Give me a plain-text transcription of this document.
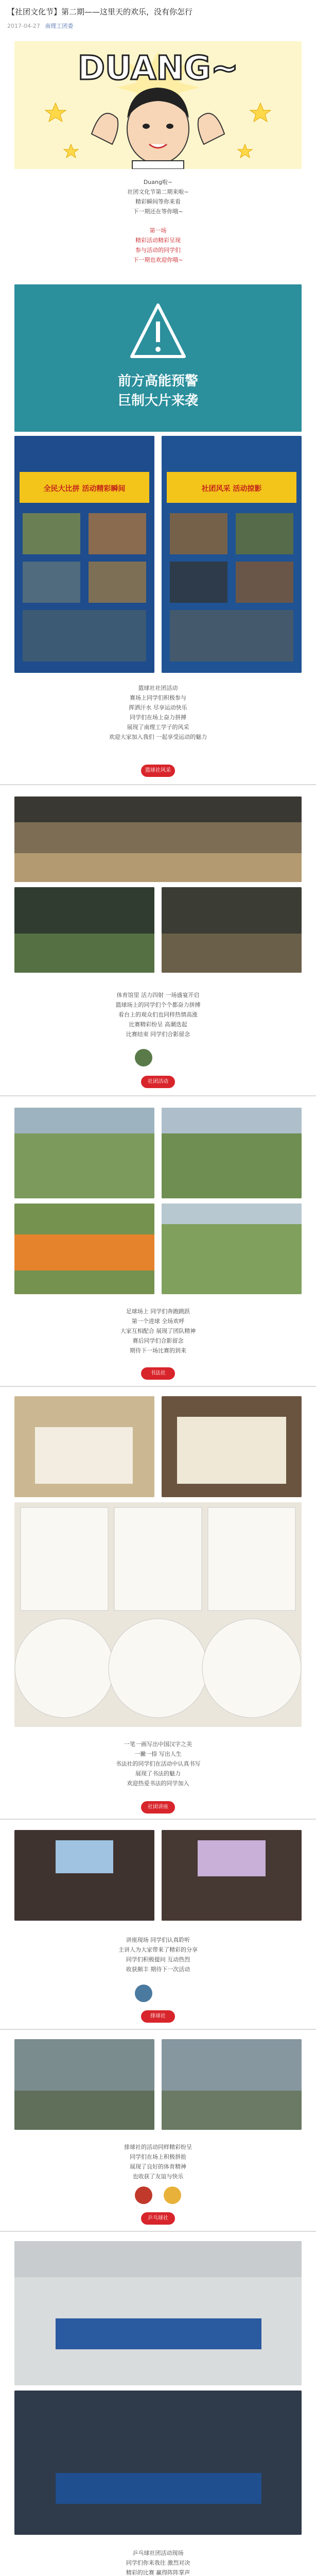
【社团文化节】第二期——这里天的欢乐，没有你怎行
2017-04-27 南理工团委
DUANG~
Duang啦~
社团文化节第二期来啦~
精彩瞬间等你来看
下一期还在等你哦~
第一场
精彩活动精彩呈现
参与活动的同学们
下一期也欢迎你哦~
前方高能预警
巨制大片来袭
全民大比拼 活动精彩瞬间	社团风采 活动掠影
篮球社社团活动
赛场上同学们积极参与
挥洒汗水 尽享运动快乐
同学们在场上奋力拼搏
展现了南理工学子的风采
欢迎大家加入我们 一起享受运动的魅力
篮球社风采
体育馆里 活力四射 一场盛宴开启
篮球场上的同学们个个都奋力拼搏
看台上的观众们也同样热情高涨
比赛精彩纷呈 高潮迭起
比赛结束 同学们合影留念
社团活动
足球场上 同学们奔跑跳跃
第一个进球 全场欢呼
大家互相配合 展现了团队精神
赛后同学们合影留念
期待下一场比赛的到来
书法社
一笔一画写出中国汉字之美
一撇一捺 写出人生
书法社的同学们在活动中认真书写
展现了书法的魅力
欢迎热爱书法的同学加入
社团讲座
讲座现场 同学们认真聆听
主讲人为大家带来了精彩的分享
同学们积极提问 互动热烈
收获颇丰 期待下一次活动
排球社
排球社的活动同样精彩纷呈
同学们在场上积极拼抢
展现了良好的体育精神
也收获了友谊与快乐
乒乓球社
乒乓球社团活动现场
同学们你来我往 激烈对决
精彩的比赛 赢得阵阵掌声
